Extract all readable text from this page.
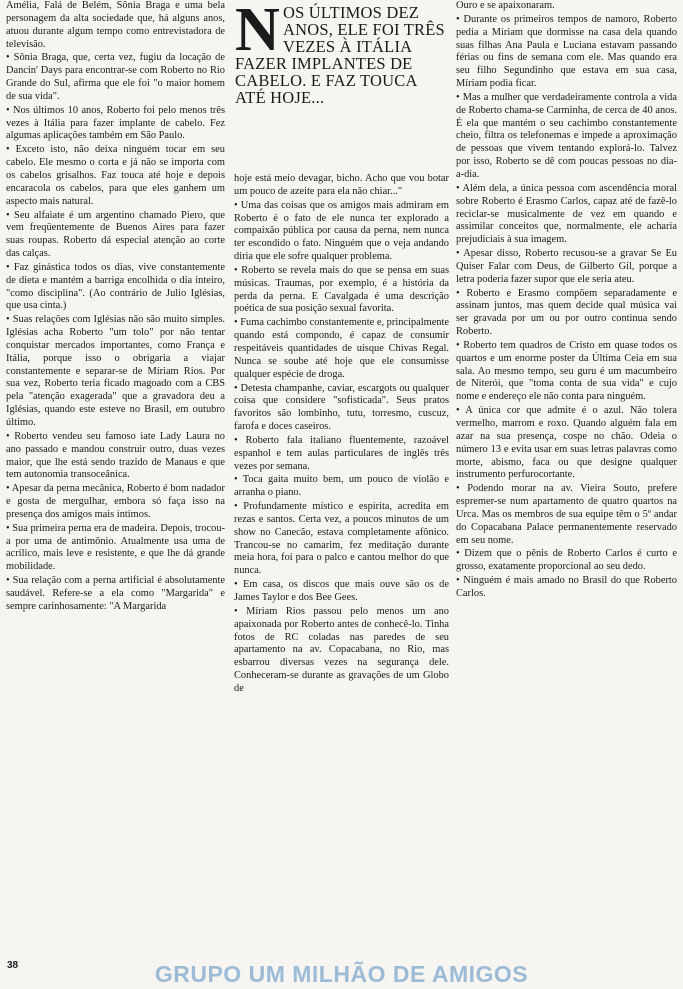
N OS ÚLTIMOS DEZ ANOS, ELE FOI TRÊS VEZES À ITÁLIA FAZER IMPLANTES DE CABELO. E FAZ TOUCA ATÉ HOJE...

Amélia, Falá de Belém, Sônia Braga e uma bela personagem da alta sociedade que, há alguns anos, atuou durante algum tempo como entrevistadora de televisão.

• Sônia Braga, que, certa vez, fugiu da locação de Dancin' Days para encontrar-se com Roberto no Rio Grande do Sul, afirma que ele foi "o maior homem de sua vida".

• Nos últimos 10 anos, Roberto foi pelo menos três vezes à Itália para fazer implante de cabelo. Fez algumas aplicações também em São Paulo.

• Exceto isto, não deixa ninguém tocar em seu cabelo. Ele mesmo o corta e já não se importa com os cabelos grisalhos. Faz touca até hoje e depois encaracola os cabelos, para que eles ganhem um aspecto mais natural.

• Seu alfaiate é um argentino chamado Piero, que vem freqüentemente de Buenos Aires para fazer suas roupas. Roberto dá especial atenção ao corte das calças.

• Faz ginástica todos os dias, vive constantemente de dieta e mantém a barriga encolhida o dia inteiro, "como disciplina". (Ao contrário de Julio Iglésias, que usa cinta.)

• Suas relações com Iglésias não são muito simples. Iglésias acha Roberto "um tolo" por não tentar conquistar mercados importantes, como França e Itália, porque isso o obrigaria a viajar constantemente e separar-se de Míriam Rios. Por sua vez, Roberto teria ficado magoado com a CBS pela "atenção exagerada" que a gravadora deu a Iglésias, quando este esteve no Brasil, em outubro último.

• Roberto vendeu seu famoso iate Lady Laura no ano passado e mandou construir outro, duas vezes maior, que lhe está sendo trazido de Manaus e que tem autonomia transoceânica.

• Apesar da perna mecânica, Roberto é bom nadador e gosta de mergulhar, embora só faça isso na presença dos amigos mais íntimos.

• Sua primeira perna era de madeira. Depois, trocou-a por uma de antimônio. Atualmente usa uma de acrílico, mais leve e resistente, e que lhe dá grande mobilidade.

• Sua relação com a perna artificial é absolutamente saudável. Refere-se a ela como "Margarida" e sempre carinhosamente: "A Margarida

hoje está meio devagar, bicho. Acho que vou botar um pouco de azeite para ela não chiar..."

• Uma das coisas que os amigos mais admiram em Roberto é o fato de ele nunca ter explorado a compaixão pública por causa da perna, nem nunca ter escondido o fato. Ninguém que o veja andando diria que ele sofre qualquer problema.

• Roberto se revela mais do que se pensa em suas músicas. Traumas, por exemplo, é a história da perda da perna. E Cavalgada é uma descrição poética de sua posição sexual favorita.

• Fuma cachimbo constantemente e, principalmente quando está compondo, é capaz de consumir respeitáveis quantidades de uísque Chivas Regal. Nunca se soube até hoje que ele consumisse qualquer espécie de droga.

• Detesta champanhe, caviar, escargots ou qualquer coisa que considere "sofisticada". Seus pratos favoritos são lombinho, tutu, torresmo, cuscuz, farofa e doces caseiros.

• Roberto fala italiano fluentemente, razoável espanhol e tem aulas particulares de inglês três vezes por semana.

• Toca gaita muito bem, um pouco de violão e arranha o piano.

• Profundamente místico e espírita, acredita em rezas e santos. Certa vez, a poucos minutos de um show no Canecão, estava completamente afônico. Trancou-se no camarim, fez meditação durante meia hora, foi para o palco e cantou melhor do que nunca.

• Em casa, os discos que mais ouve são os de James Taylor e dos Bee Gees.

• Míriam Rios passou pelo menos um ano apaixonada por Roberto antes de conhecê-lo. Tinha fotos de RC coladas nas paredes de seu apartamento na av. Copacabana, no Rio, mas esbarrou diversas vezes na segurança dele. Conheceram-se durante as gravações de um Globo de

Ouro e se apaixonaram.

• Durante os primeiros tempos de namoro, Roberto pedia a Míriam que dormisse na casa dela quando suas filhas Ana Paula e Luciana estavam passando férias ou fins de semana com ele. Mas quando era seu filho Segundinho que estava em sua casa, Míriam podia ficar.

• Mas a mulher que verdadeiramente controla a vida de Roberto chama-se Carminha, de cerca de 40 anos. É ela que mantém o seu cachimbo constantemente cheio, filtra os telefonemas e impede a aproximação de pessoas que vivem tentando explorá-lo. Talvez por isso, Roberto se dê com poucas pessoas no dia-a-dia.

• Além dela, a única pessoa com ascendência moral sobre Roberto é Erasmo Carlos, capaz até de fazê-lo reciclar-se musicalmente de vez em quando e assimilar conceitos que, normalmente, ele acharia prejudiciais à sua imagem.

• Apesar disso, Roberto recusou-se a gravar Se Eu Quiser Falar com Deus, de Gilberto Gil, porque a letra poderia fazer supor que ele seria ateu.

• Roberto e Erasmo compõem separadamente e assinam juntos, mas quem decide qual música vai ser gravada por um ou por outro continua sendo Roberto.

• Roberto tem quadros de Cristo em quase todos os quartos e um enorme poster da Última Ceia em sua sala. Ao mesmo tempo, seu guru é um macumbeiro de Niterói, que "toma conta de sua vida" e cujo nome e endereço ele não conta para ninguém.

• A única cor que admite é o azul. Não tolera vermelho, marrom e roxo. Quando alguém fala em azar na sua presença, cospe no chão. Odeia o número 13 e evita usar em suas letras palavras como morte, abismo, faca ou que designe qualquer instrumento perfurocortante.

• Podendo morar na av. Vieira Souto, prefere espremer-se num apartamento de quatro quartos na Urca. Mas os membros de sua equipe têm o 5º andar do Copacabana Palace permanentemente reservado em seu nome.

• Dizem que o pênis de Roberto Carlos é curto e grosso, exatamente proporcional ao seu dedo.

• Ninguém é mais amado no Brasil do que Roberto Carlos.

38	GRUPO UM MILHÃO DE AMIGOS
